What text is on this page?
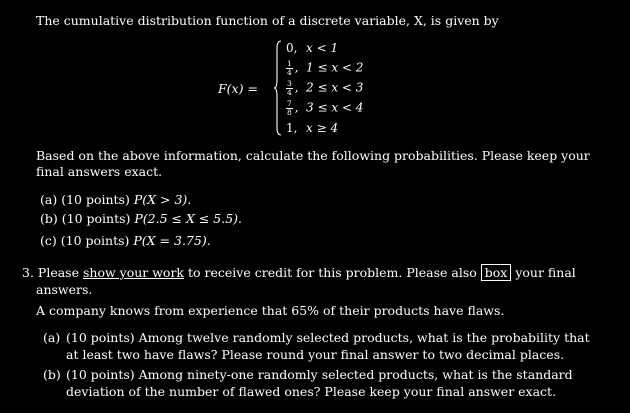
The cumulative distribution function of a discrete variable, X, is given by
F(x) =
0, x < 1
$\frac{1}{4}$ , 1 ≤ x < 2
$\frac{3}{4}$ , 2 ≤ x < 3
$\frac{7}{8}$ , 3 ≤ x < 4
1, x ≥ 4
Based on the above information, calculate the following probabilities. Please keep your
final answers exact.
(a) (10 points) P(X > 3).
(b) (10 points) P(2.5 ≤ X ≤ 5.5).
(c) (10 points) P(X = 3.75).
3. Please show your work to receive credit for this problem. Please also box your final
answers.
A company knows from experience that 65% of their products have flaws.
(a) (10 points) Among twelve randomly selected products, what is the probability that
at least two have flaws? Please round your final answer to two decimal places.
(b) (10 points) Among ninety-one randomly selected products, what is the standard
deviation of the number of flawed ones? Please keep your final answer exact.
